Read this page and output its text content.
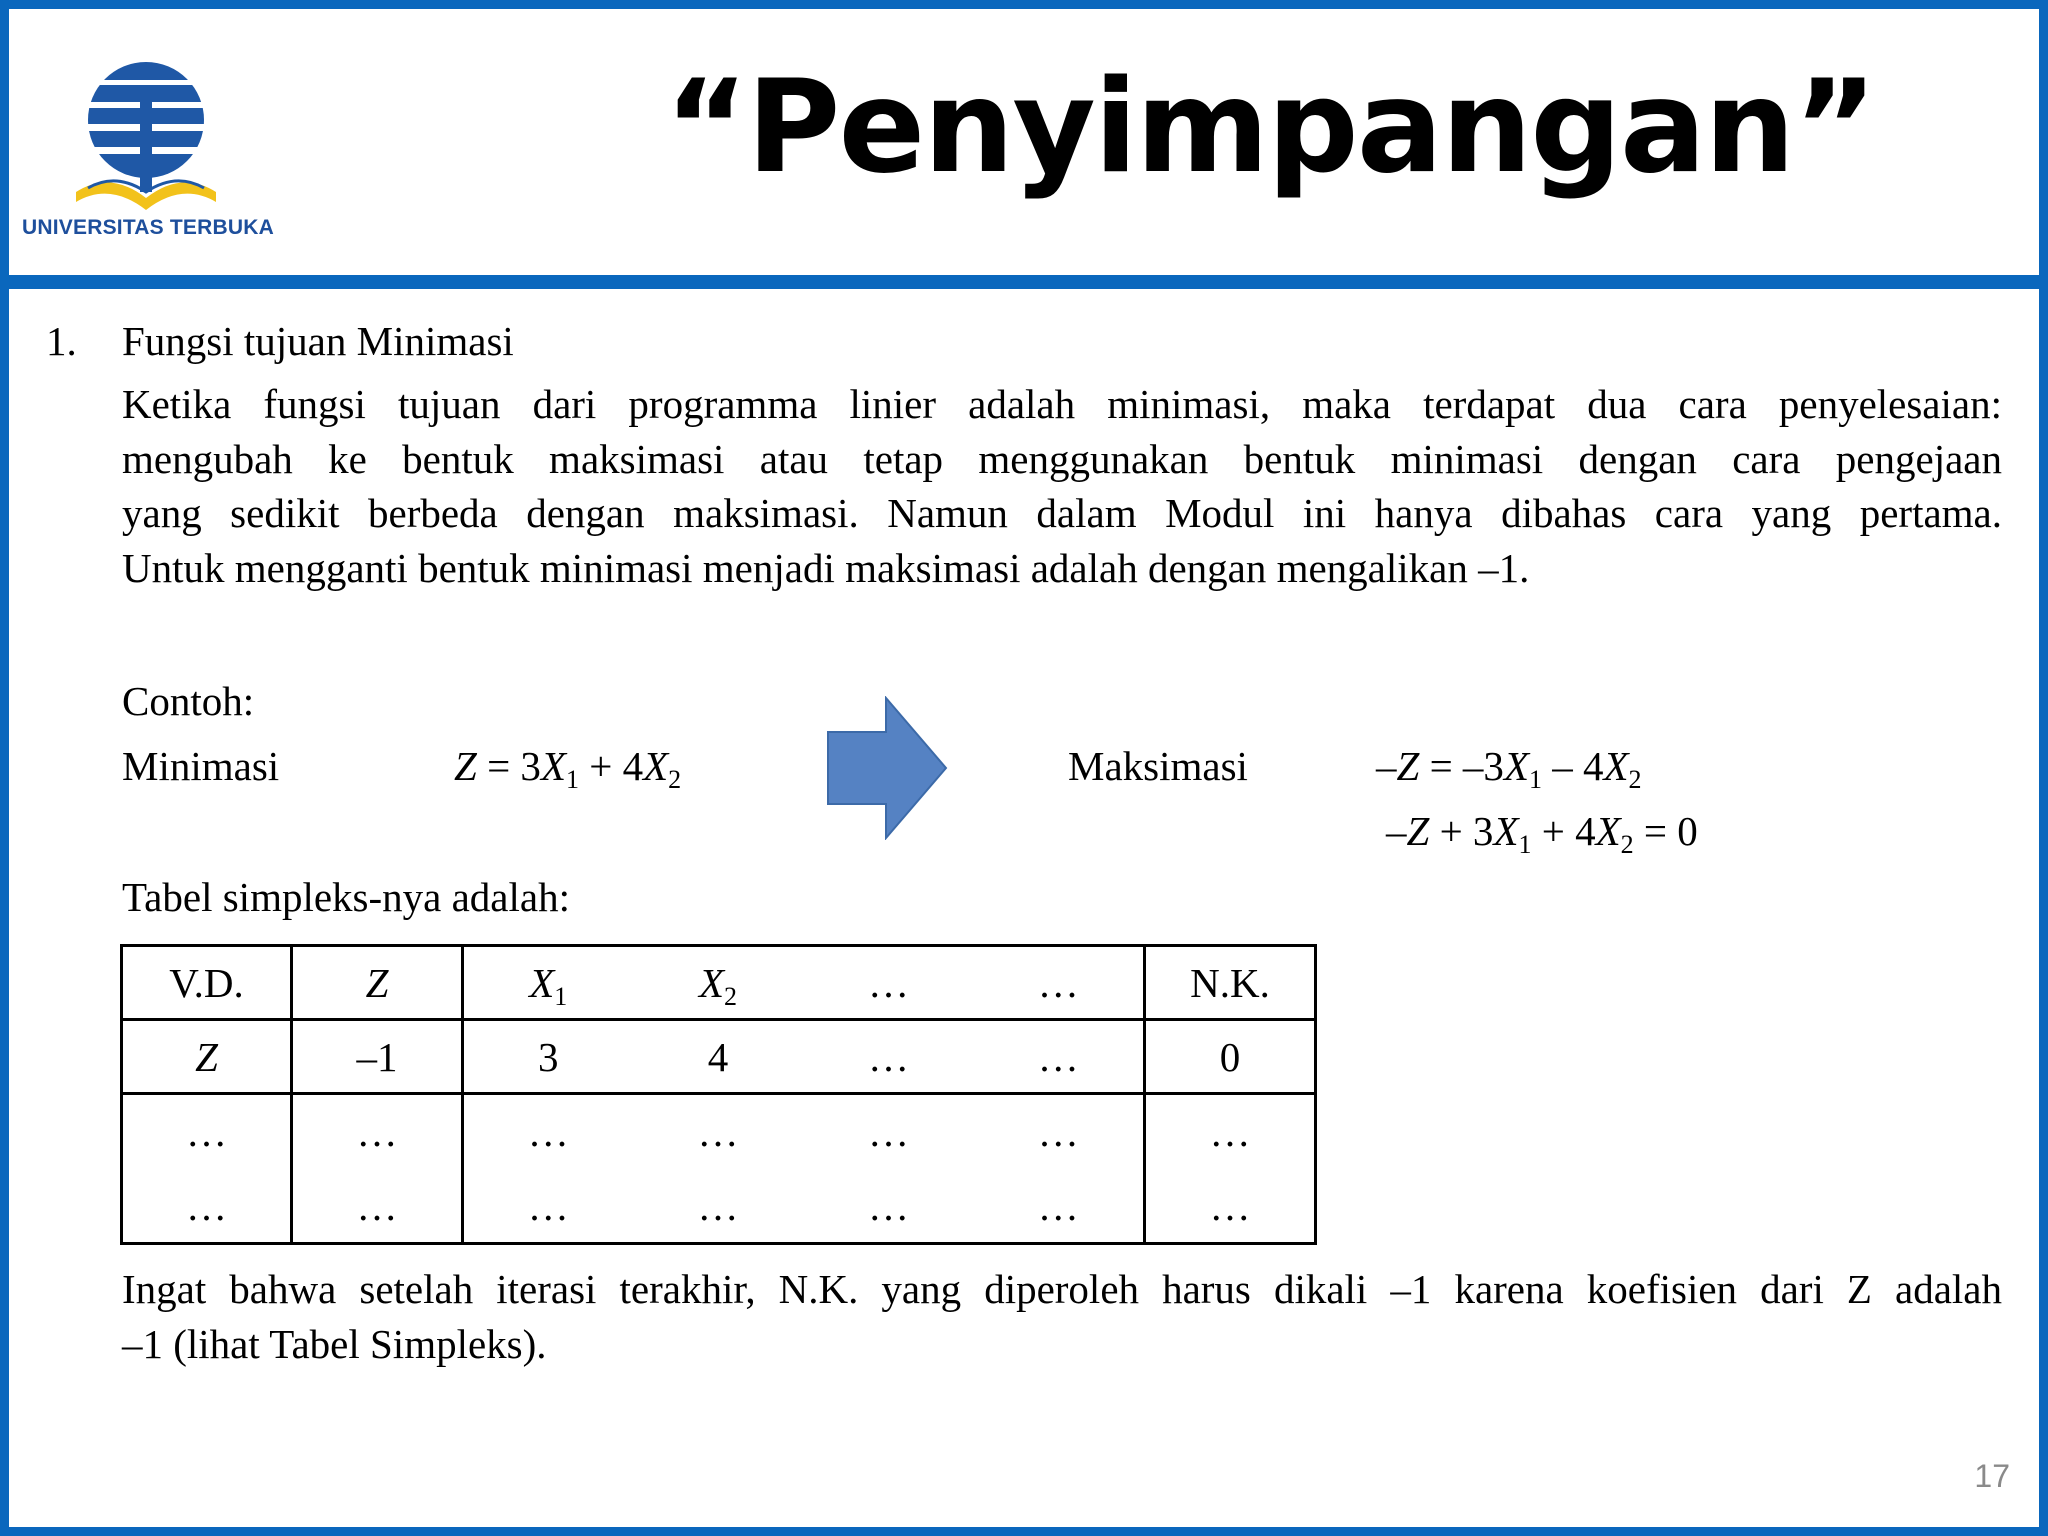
UNIVERSITAS TERBUKA
“Penyimpangan”
1. Fungsi tujuan Minimasi
Ketika fungsi tujuan dari programma linier adalah minimasi, maka terdapat dua cara penyelesaian:
mengubah ke bentuk maksimasi atau tetap menggunakan bentuk minimasi dengan cara pengejaan
yang sedikit berbeda dengan maksimasi. Namun dalam Modul ini hanya dibahas cara yang pertama.
Untuk mengganti bentuk minimasi menjadi maksimasi adalah dengan mengalikan –1.
Contoh:
Minimasi	$Z = 3X_1 + 4X_2$	Maksimasi	$-Z = -3X_1 - 4X_2$
$-Z + 3X_1 + 4X_2 = 0$
Tabel simpleks-nya adalah:
V.D.	Z	$X_1$	$X_2$	…	…	N.K.
Z	–1	3	4	…	…	0
…	…	…	…	…	…	…
…	…	…	…	…	…	…
Ingat bahwa setelah iterasi terakhir, N.K. yang diperoleh harus dikali –1 karena koefisien dari Z adalah
–1 (lihat Tabel Simpleks).
17
